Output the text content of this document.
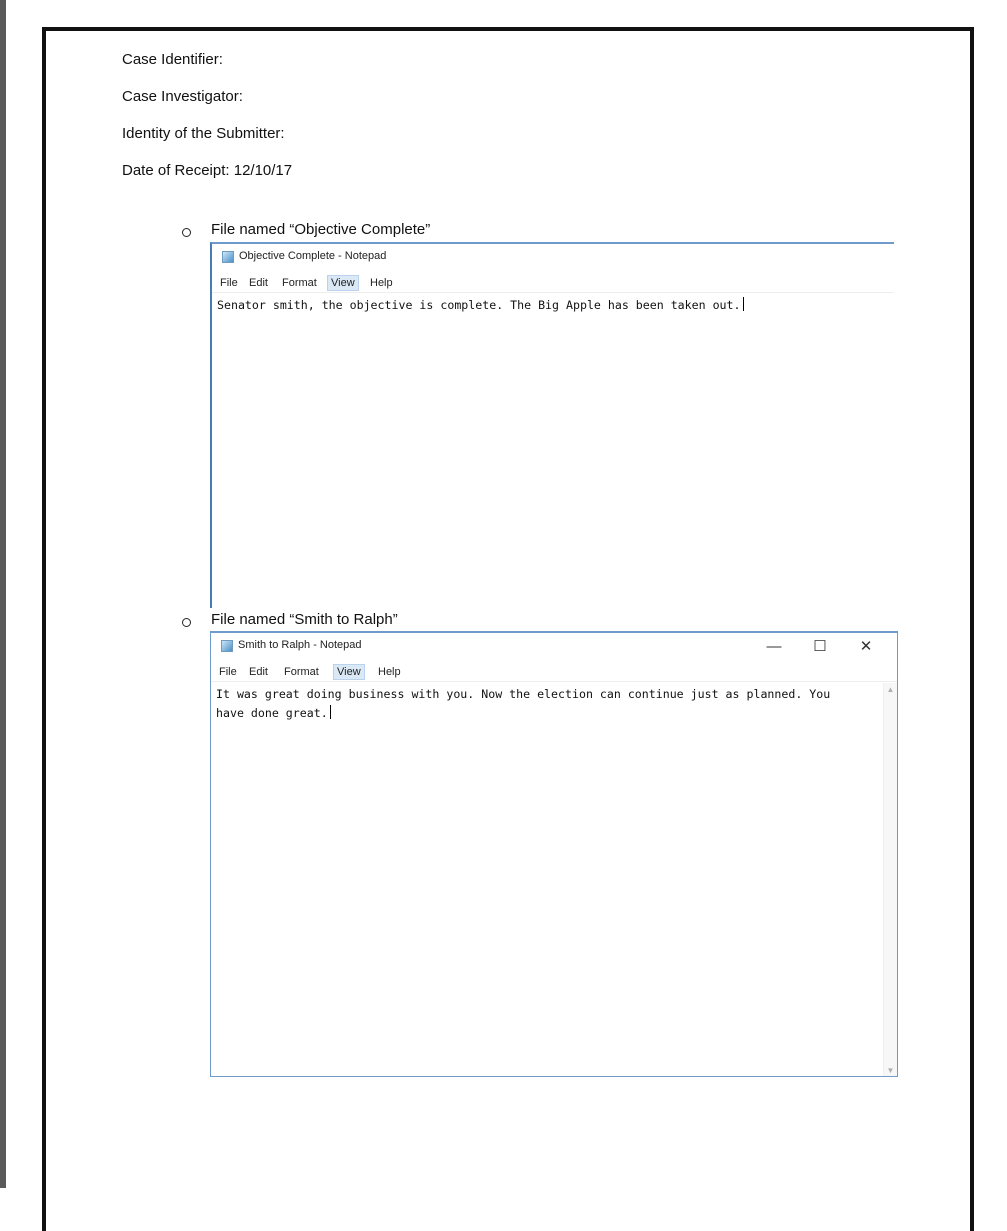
Case Identifier:
Case Investigator:
Identity of the Submitter:
Date of Receipt: 12/10/17
File named “Objective Complete”
Objective Complete - Notepad
File Edit Format	View	Help
Senator smith, the objective is complete. The Big Apple has been taken out.
File named “Smith to Ralph”
Smith to Ralph - Notepad	—	☐	✕
File Edit Format	View	Help
It was great doing business with you. Now the election can continue just as planned. You have done great.
▲
▼
